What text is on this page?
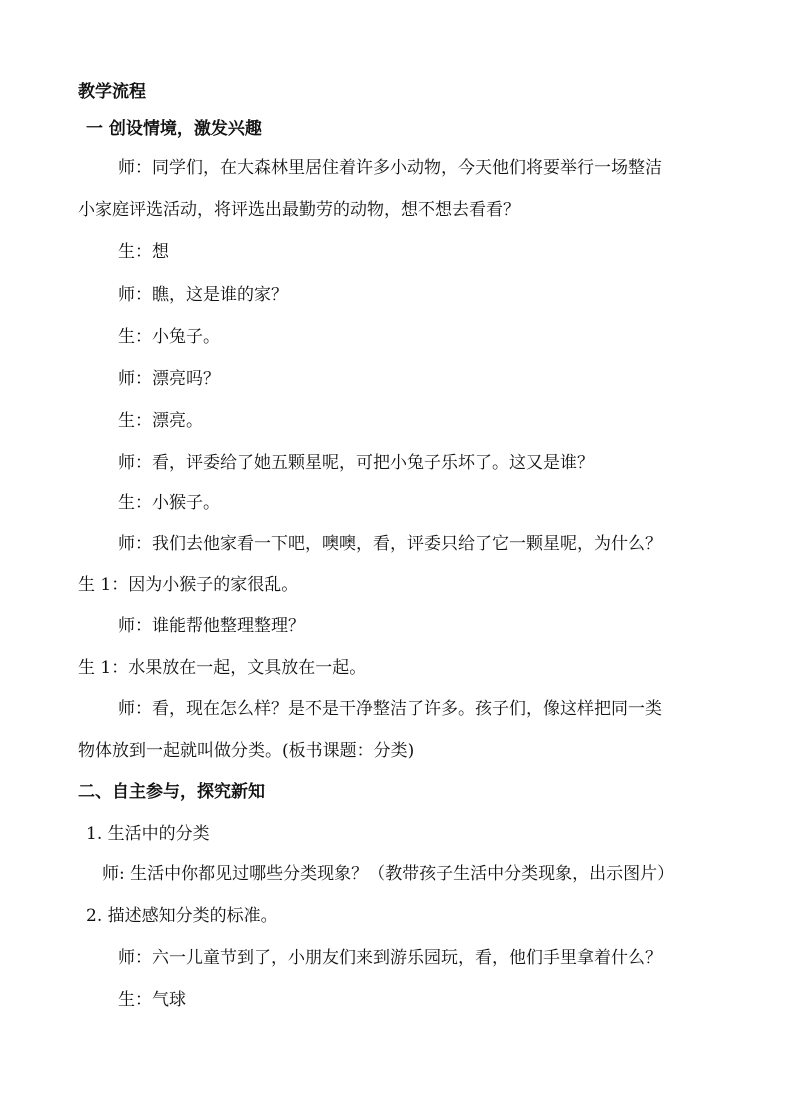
教学流程
一 创设情境，激发兴趣
师：同学们，在大森林里居住着许多小动物，今天他们将要举行一场整洁
小家庭评选活动，将评选出最勤劳的动物，想不想去看看？
生：想
师：瞧，这是谁的家？
生：小兔子。
师：漂亮吗？
生：漂亮。
师：看，评委给了她五颗星呢，可把小兔子乐坏了。这又是谁？
生：小猴子。
师：我们去他家看一下吧，噢噢，看，评委只给了它一颗星呢，为什么？
生 1：因为小猴子的家很乱。
师：谁能帮他整理整理？
生 1：水果放在一起，文具放在一起。
师：看，现在怎么样？是不是干净整洁了许多。孩子们，像这样把同一类
物体放到一起就叫做分类。(板书课题：分类)
二、自主参与，探究新知
1. 生活中的分类
师: 生活中你都见过哪些分类现象？（教带孩子生活中分类现象，出示图片）
2. 描述感知分类的标准。
师：六一儿童节到了，小朋友们来到游乐园玩，看，他们手里拿着什么？
生：气球
